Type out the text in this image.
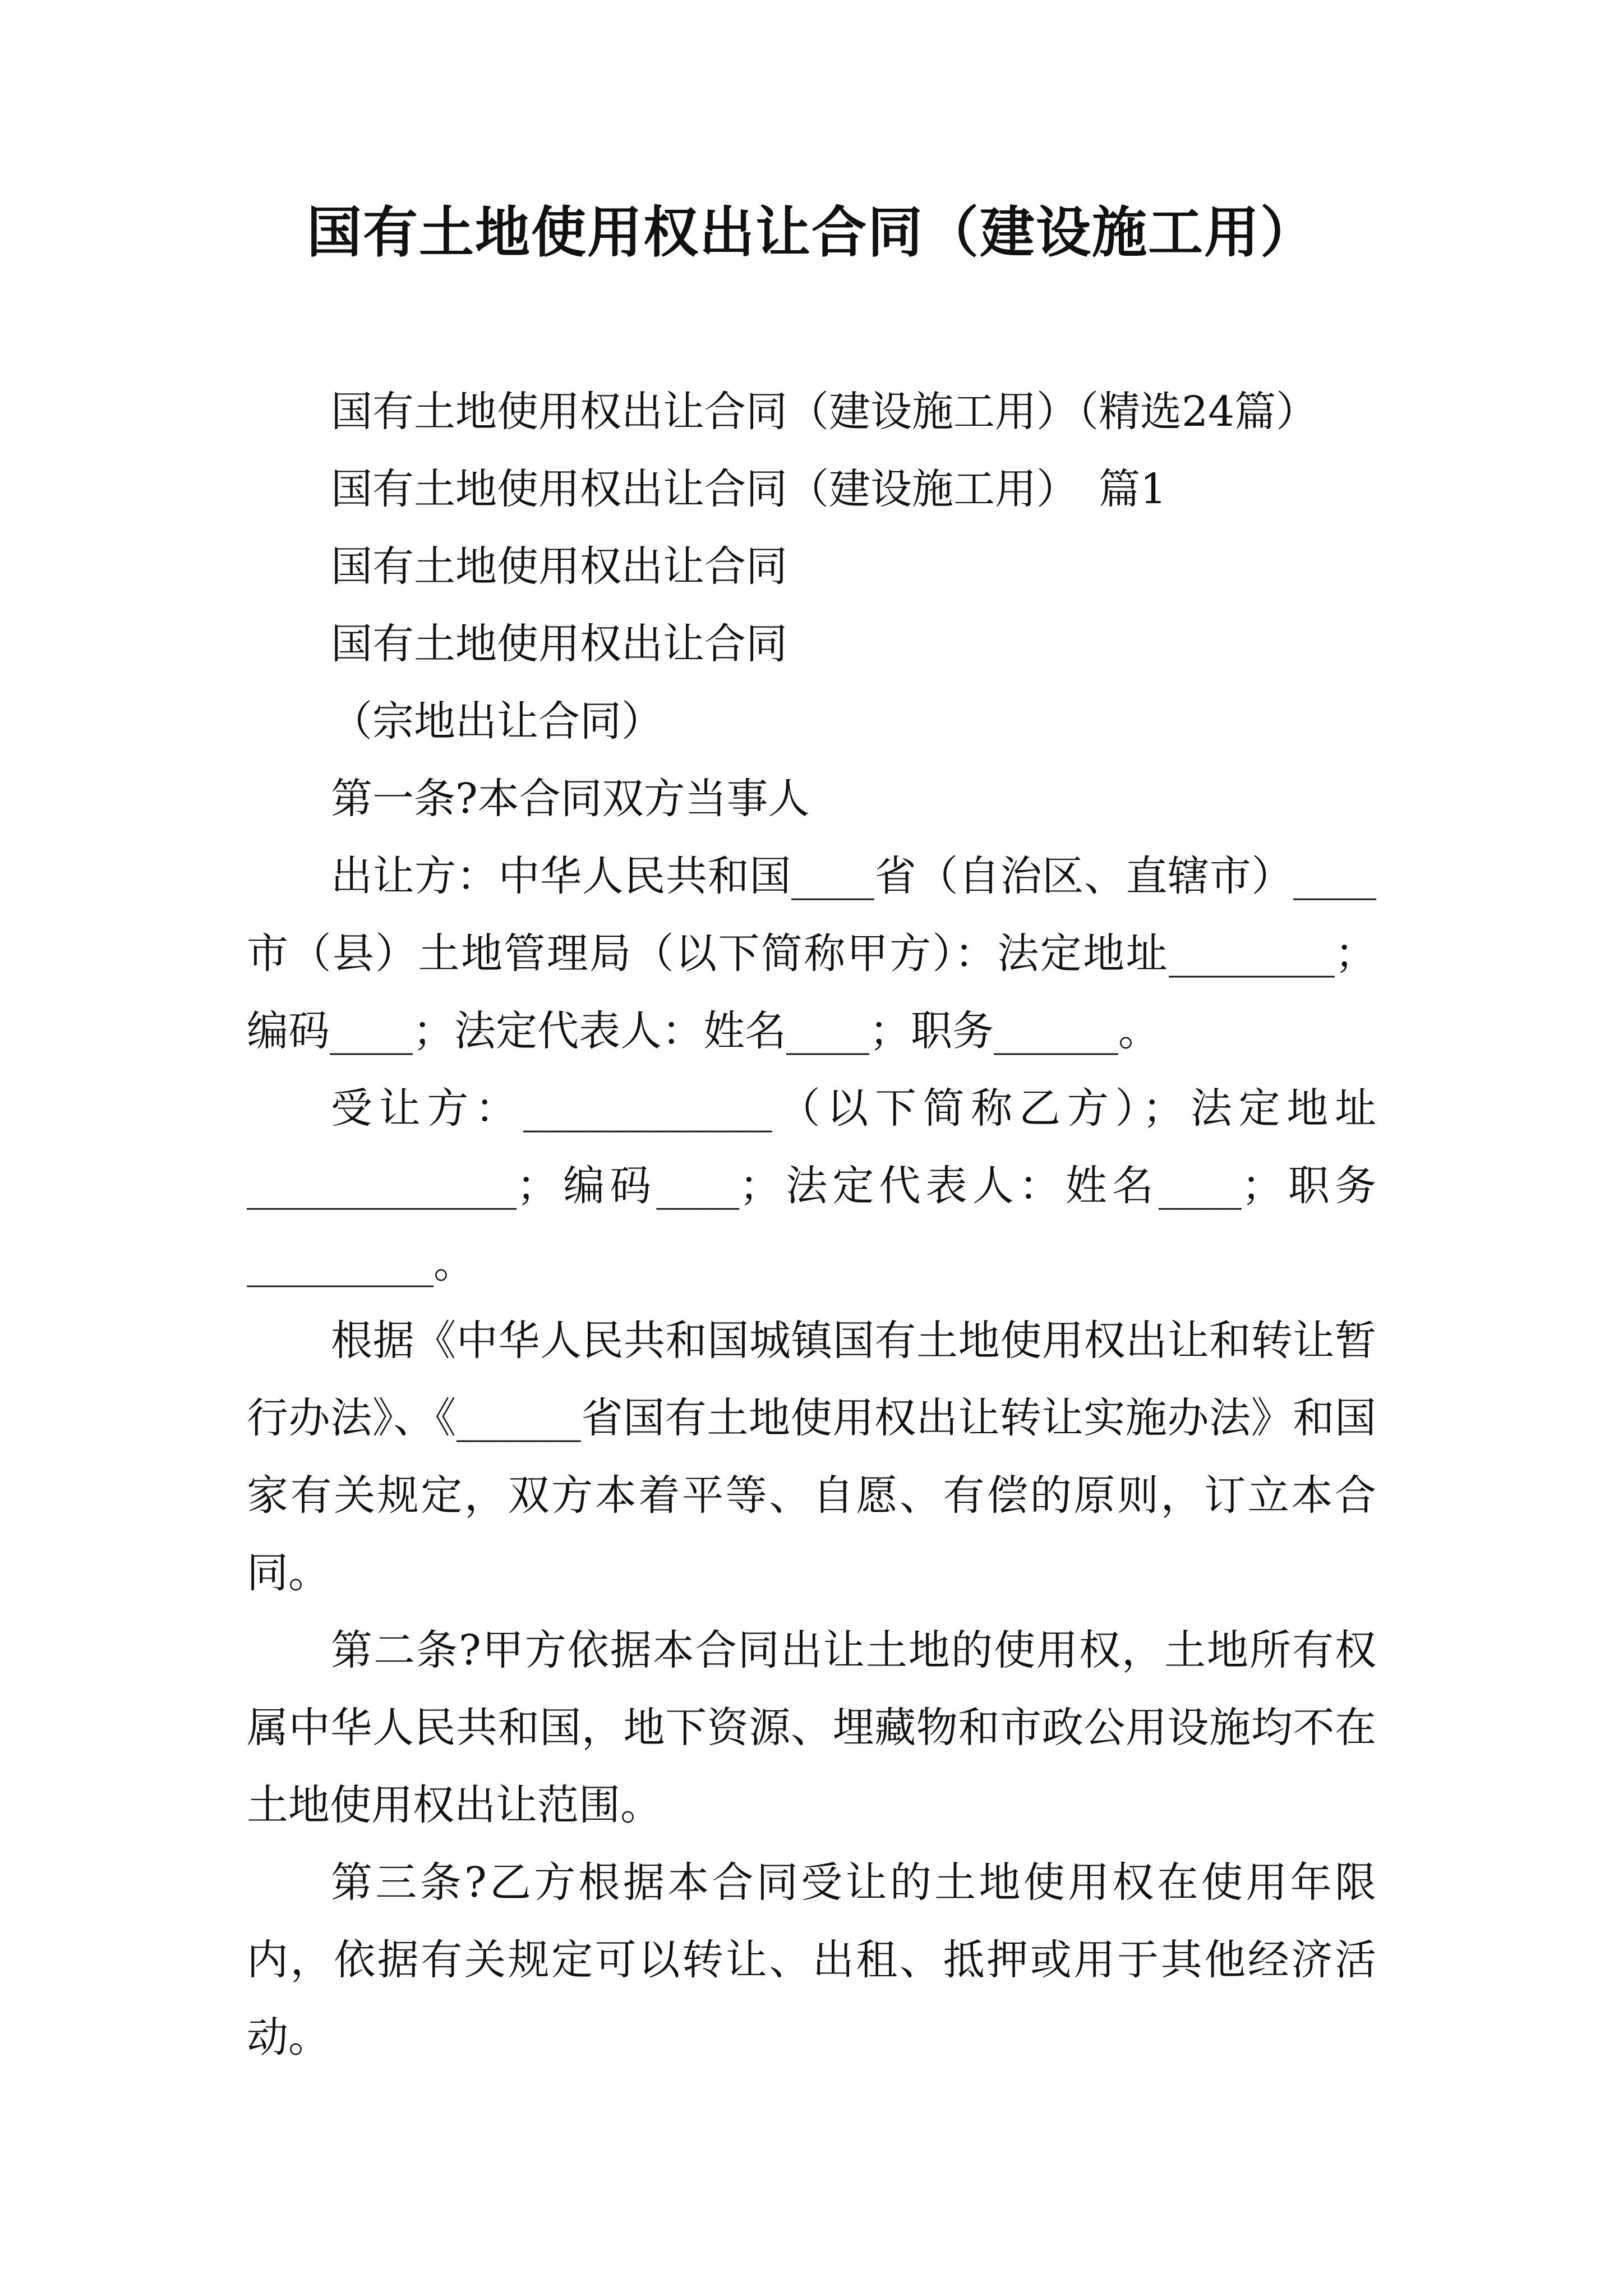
国有土地使用权出让合同（建设施工用）
国有土地使用权出让合同（建设施工用）（精选24篇）
国有土地使用权出让合同（建设施工用）　篇1
国有土地使用权出让合同
国有土地使用权出让合同
（宗地出让合同）
第一条?本合同双方当事人
出让方：中华人民共和国____省（自治区、直辖市）____市（县）土地管理局（以下简称甲方）：法定地址________；编码____；法定代表人：姓名____；职务______。
受让方：____________（以下简称乙方）；法定地址_____________；编码____；法定代表人：姓名____；职务_________。
根据《中华人民共和国城镇国有土地使用权出让和转让暂行办法》、《______省国有土地使用权出让转让实施办法》和国家有关规定，双方本着平等、自愿、有偿的原则，订立本合同。
第二条?甲方依据本合同出让土地的使用权，土地所有权属中华人民共和国，地下资源、埋藏物和市政公用设施均不在土地使用权出让范围。
第三条?乙方根据本合同受让的土地使用权在使用年限内，依据有关规定可以转让、出租、抵押或用于其他经济活动。
